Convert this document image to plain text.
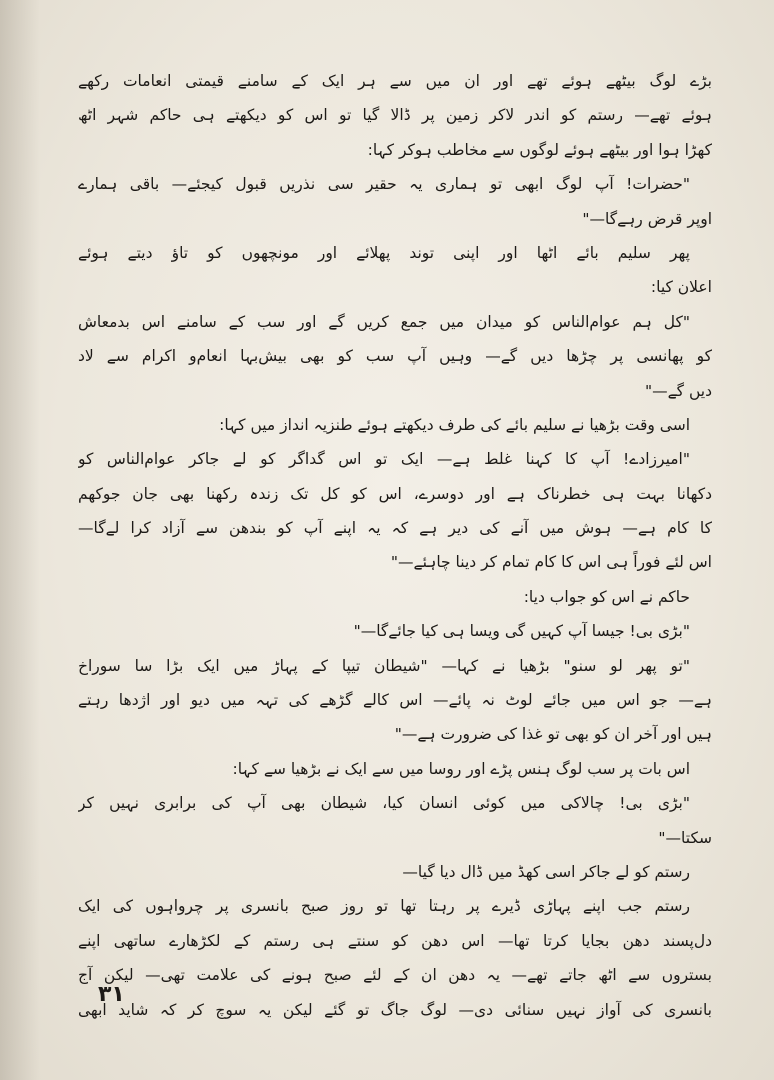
بڑے لوگ بیٹھے ہوئے تھے اور ان میں سے ہر ایک کے سامنے قیمتی انعامات رکھے
ہوئے تھے— رستم کو اندر لاکر زمین پر ڈالا گیا تو اس کو دیکھتے ہی حاکم شہر اٹھ
کھڑا ہوا اور بیٹھے ہوئے لوگوں سے مخاطب ہوکر کہا:
"حضرات! آپ لوگ ابھی تو ہماری یہ حقیر سی نذریں قبول کیجئے— باقی ہمارے
اوپر قرض رہےگا—"
پھر سلیم بائے اٹھا اور اپنی توند پھلائے اور مونچھوں کو تاؤ دیتے ہوئے
اعلان کیا:
"کل ہم عوام‌الناس کو میدان میں جمع کریں گے اور سب کے سامنے اس بدمعاش
کو پھانسی پر چڑھا دیں گے— وہیں آپ سب کو بھی بیش‌بہا انعام‌و اکرام سے لاد
دیں گے—"
اسی وقت بڑھیا نے سلیم بائے کی طرف دیکھتے ہوئے طنزیہ انداز میں کہا:
"امیرزادے! آپ کا کہنا غلط ہے— ایک تو اس گداگر کو لے جاکر عوام‌الناس کو
دکھانا بہت ہی خطرناک ہے اور دوسرے، اس کو کل تک زندہ رکھنا بھی جان جوکھم
کا کام ہے— ہوش میں آنے کی دیر ہے کہ یہ اپنے آپ کو بندھن سے آزاد کرا لےگا—
اس لئے فوراً ہی اس کا کام تمام کر دینا چاہئے—"
حاکم نے اس کو جواب دیا:
"بڑی بی! جیسا آپ کہیں گی ویسا ہی کیا جائےگا—"
"تو پھر لو سنو" بڑھیا نے کہا— "شیطان تیپا کے پہاڑ میں ایک بڑا سا سوراخ
ہے— جو اس میں جائے لوٹ نہ پائے— اس کالے گڑھے کی تہہ میں دیو اور اژدھا رہتے
ہیں اور آخر ان کو بھی تو غذا کی ضرورت ہے—"
اس بات پر سب لوگ ہنس پڑے اور روسا میں سے ایک نے بڑھیا سے کہا:
"بڑی بی! چالاکی میں کوئی انسان کیا، شیطان بھی آپ کی برابری نہیں کر
سکتا—"
رستم کو لے جاکر اسی کھڈ میں ڈال دیا گیا—
رستم جب اپنے پہاڑی ڈیرے پر رہتا تھا تو روز صبح بانسری پر چرواہوں کی ایک
دل‌پسند دھن بجایا کرتا تھا— اس دھن کو سنتے ہی رستم کے لکڑھارے ساتھی اپنے
بستروں سے اٹھ جاتے تھے— یہ دھن ان کے لئے صبح ہونے کی علامت تھی— لیکن آج
بانسری کی آواز نہیں سنائی دی— لوگ جاگ تو گئے لیکن یہ سوچ کر کہ شاید ابھی
۳۱
